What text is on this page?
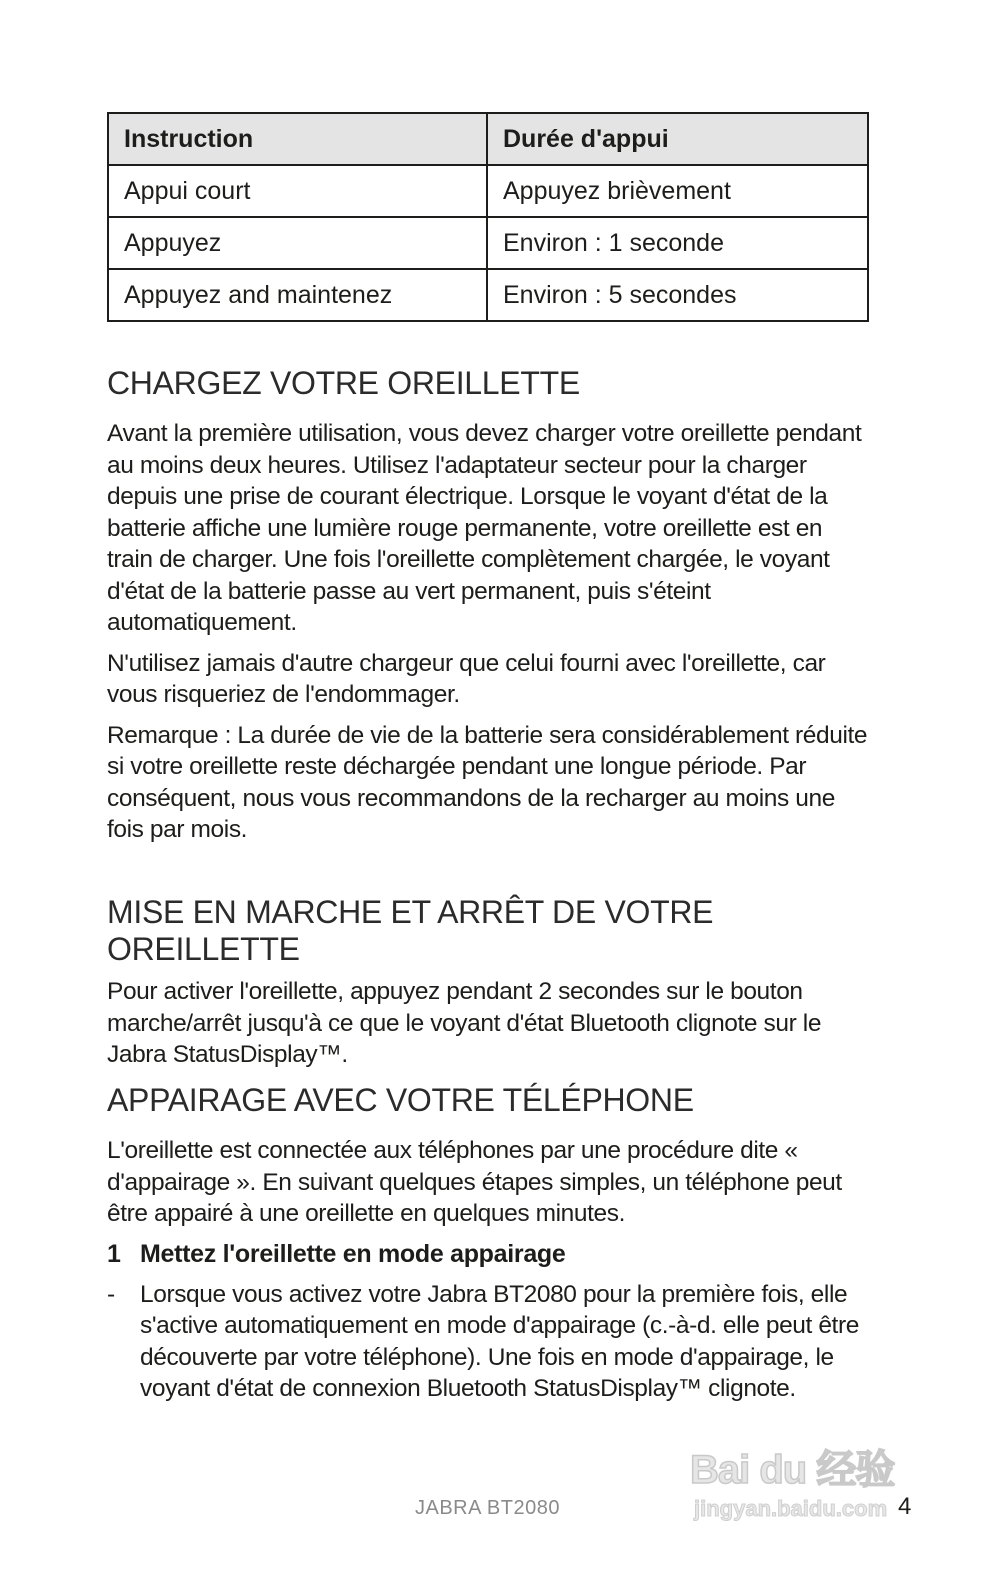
Instruction	Durée d'appui
Appui court	Appuyez brièvement
Appuyez	Environ : 1 seconde
Appuyez and maintenez	Environ : 5 secondes
CHARGEZ VOTRE OREILLETTE

Avant la première utilisation, vous devez charger votre oreillette pendant au moins deux heures. Utilisez l'adaptateur secteur pour la charger depuis une prise de courant électrique. Lorsque le voyant d'état de la batterie affiche une lumière rouge permanente, votre oreillette est en train de charger. Une fois l'oreillette complètement chargée, le voyant d'état de la batterie passe au vert permanent, puis s'éteint automatiquement.

N'utilisez jamais d'autre chargeur que celui fourni avec l'oreillette, car vous risqueriez de l'endommager.

Remarque : La durée de vie de la batterie sera considérablement réduite si votre oreillette reste déchargée pendant une longue période. Par conséquent, nous vous recommandons de la recharger au moins une fois par mois.

MISE EN MARCHE ET ARRÊT DE VOTRE OREILLETTE

Pour activer l'oreillette, appuyez pendant 2 secondes sur le bouton marche/arrêt jusqu'à ce que le voyant d'état Bluetooth clignote sur le Jabra StatusDisplay™.

APPAIRAGE AVEC VOTRE TÉLÉPHONE

L'oreillette est connectée aux téléphones par une procédure dite « d'appairage ». En suivant quelques étapes simples, un téléphone peut être appairé à une oreillette en quelques minutes.

1 Mettez l'oreillette en mode appairage
-	Lorsque vous activez votre Jabra BT2080 pour la première fois, elle s'active automatiquement en mode d'appairage (c.-à-d. elle peut être découverte par votre téléphone). Une fois en mode d'appairage, le voyant d'état de connexion Bluetooth StatusDisplay™ clignote.
Bai du 经验
jingyan.baidu.com
JABRA BT2080	4
